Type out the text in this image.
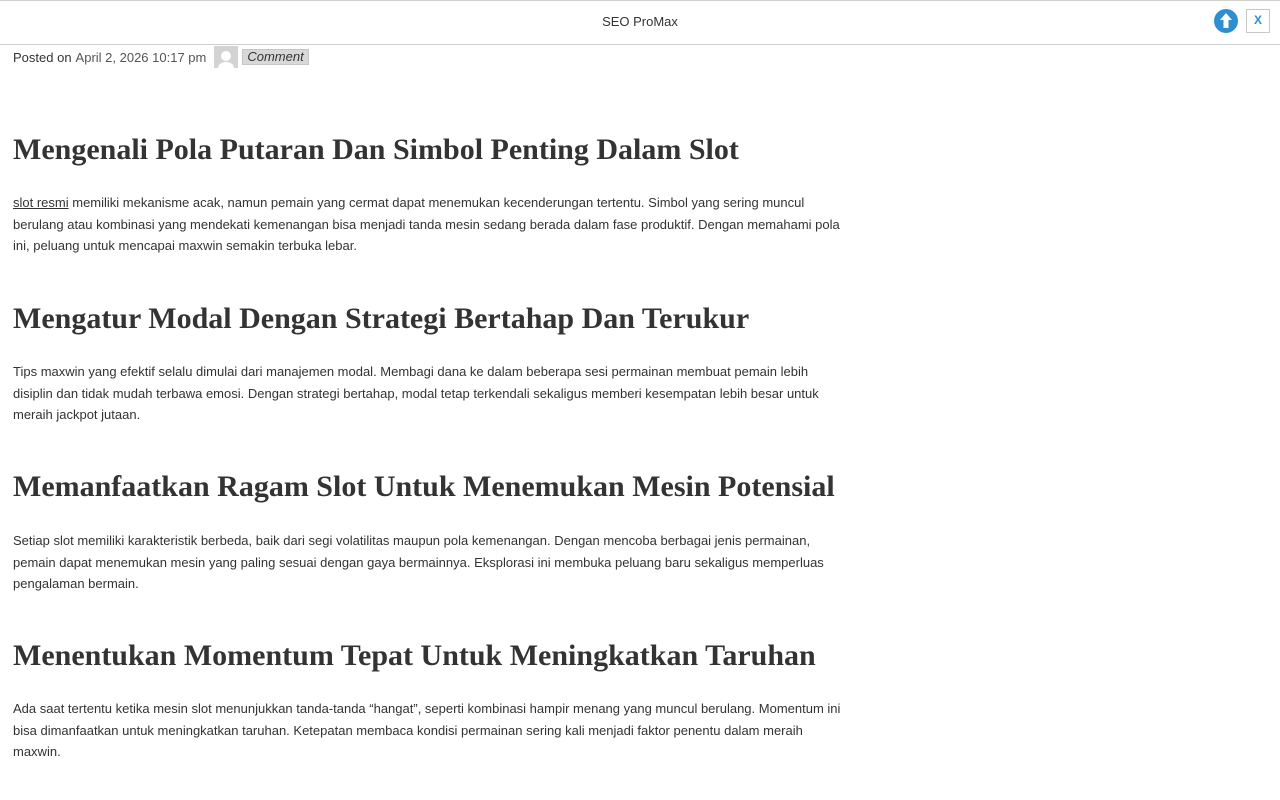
SEO ProMax	X
Posted on April 2, 2026 10:17 pm	Comment
Mengenali Pola Putaran Dan Simbol Penting Dalam Slot

slot resmi memiliki mekanisme acak, namun pemain yang cermat dapat menemukan kecenderungan tertentu. Simbol yang sering muncul berulang atau kombinasi yang mendekati kemenangan bisa menjadi tanda mesin sedang berada dalam fase produktif. Dengan memahami pola ini, peluang untuk mencapai maxwin semakin terbuka lebar.

Mengatur Modal Dengan Strategi Bertahap Dan Terukur

Tips maxwin yang efektif selalu dimulai dari manajemen modal. Membagi dana ke dalam beberapa sesi permainan membuat pemain lebih disiplin dan tidak mudah terbawa emosi. Dengan strategi bertahap, modal tetap terkendali sekaligus memberi kesempatan lebih besar untuk meraih jackpot jutaan.

Memanfaatkan Ragam Slot Untuk Menemukan Mesin Potensial

Setiap slot memiliki karakteristik berbeda, baik dari segi volatilitas maupun pola kemenangan. Dengan mencoba berbagai jenis permainan, pemain dapat menemukan mesin yang paling sesuai dengan gaya bermainnya. Eksplorasi ini membuka peluang baru sekaligus memperluas pengalaman bermain.

Menentukan Momentum Tepat Untuk Meningkatkan Taruhan

Ada saat tertentu ketika mesin slot menunjukkan tanda-tanda “hangat”, seperti kombinasi hampir menang yang muncul berulang. Momentum ini bisa dimanfaatkan untuk meningkatkan taruhan. Ketepatan membaca kondisi permainan sering kali menjadi faktor penentu dalam meraih maxwin.
